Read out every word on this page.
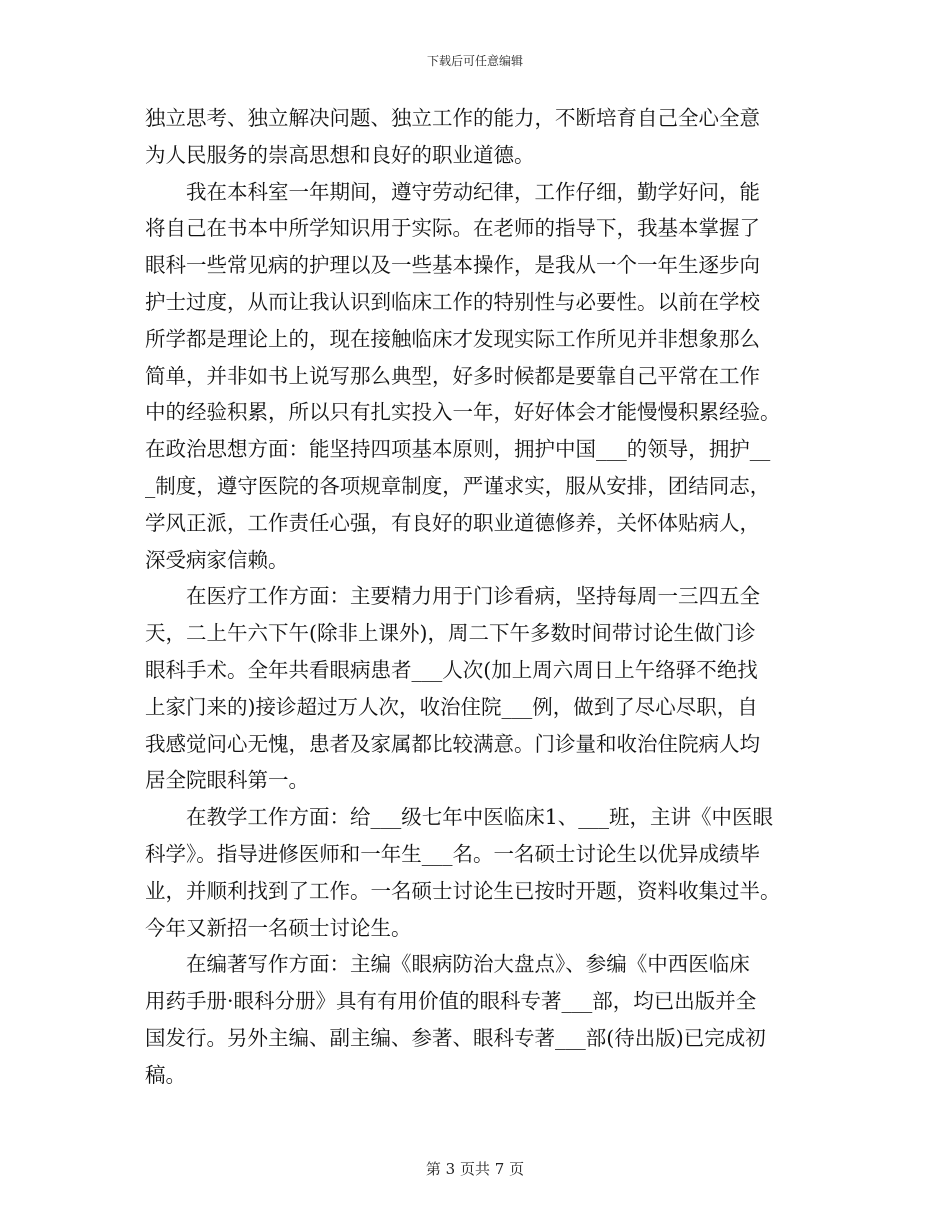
下载后可任意编辑
独立思考、独立解决问题、独立工作的能力，不断培育自己全心全意
为人民服务的崇高思想和良好的职业道德。
　　我在本科室一年期间，遵守劳动纪律，工作仔细，勤学好问，能
将自己在书本中所学知识用于实际。在老师的指导下，我基本掌握了
眼科一些常见病的护理以及一些基本操作，是我从一个一年生逐步向
护士过度，从而让我认识到临床工作的特别性与必要性。以前在学校
所学都是理论上的，现在接触临床才发现实际工作所见并非想象那么
简单，并非如书上说写那么典型，好多时候都是要靠自己平常在工作
中的经验积累，所以只有扎实投入一年，好好体会才能慢慢积累经验。
在政治思想方面：能坚持四项基本原则，拥护中国___的领导，拥护__
_制度，遵守医院的各项规章制度，严谨求实，服从安排，团结同志，
学风正派，工作责任心强，有良好的职业道德修养，关怀体贴病人，
深受病家信赖。
　　在医疗工作方面：主要精力用于门诊看病，坚持每周一三四五全
天，二上午六下午(除非上课外)，周二下午多数时间带讨论生做门诊
眼科手术。全年共看眼病患者___人次(加上周六周日上午络驿不绝找
上家门来的)接诊超过万人次，收治住院___例，做到了尽心尽职，自
我感觉问心无愧，患者及家属都比较满意。门诊量和收治住院病人均
居全院眼科第一。
　　在教学工作方面：给___级七年中医临床1、___班，主讲《中医眼
科学》。指导进修医师和一年生___名。一名硕士讨论生以优异成绩毕
业，并顺利找到了工作。一名硕士讨论生已按时开题，资料收集过半。
今年又新招一名硕士讨论生。
　　在编著写作方面：主编《眼病防治大盘点》、参编《中西医临床
用药手册·眼科分册》具有有用价值的眼科专著___部，均已出版并全
国发行。另外主编、副主编、参著、眼科专著___部(待出版)已完成初
稿。
第 3 页共 7 页
